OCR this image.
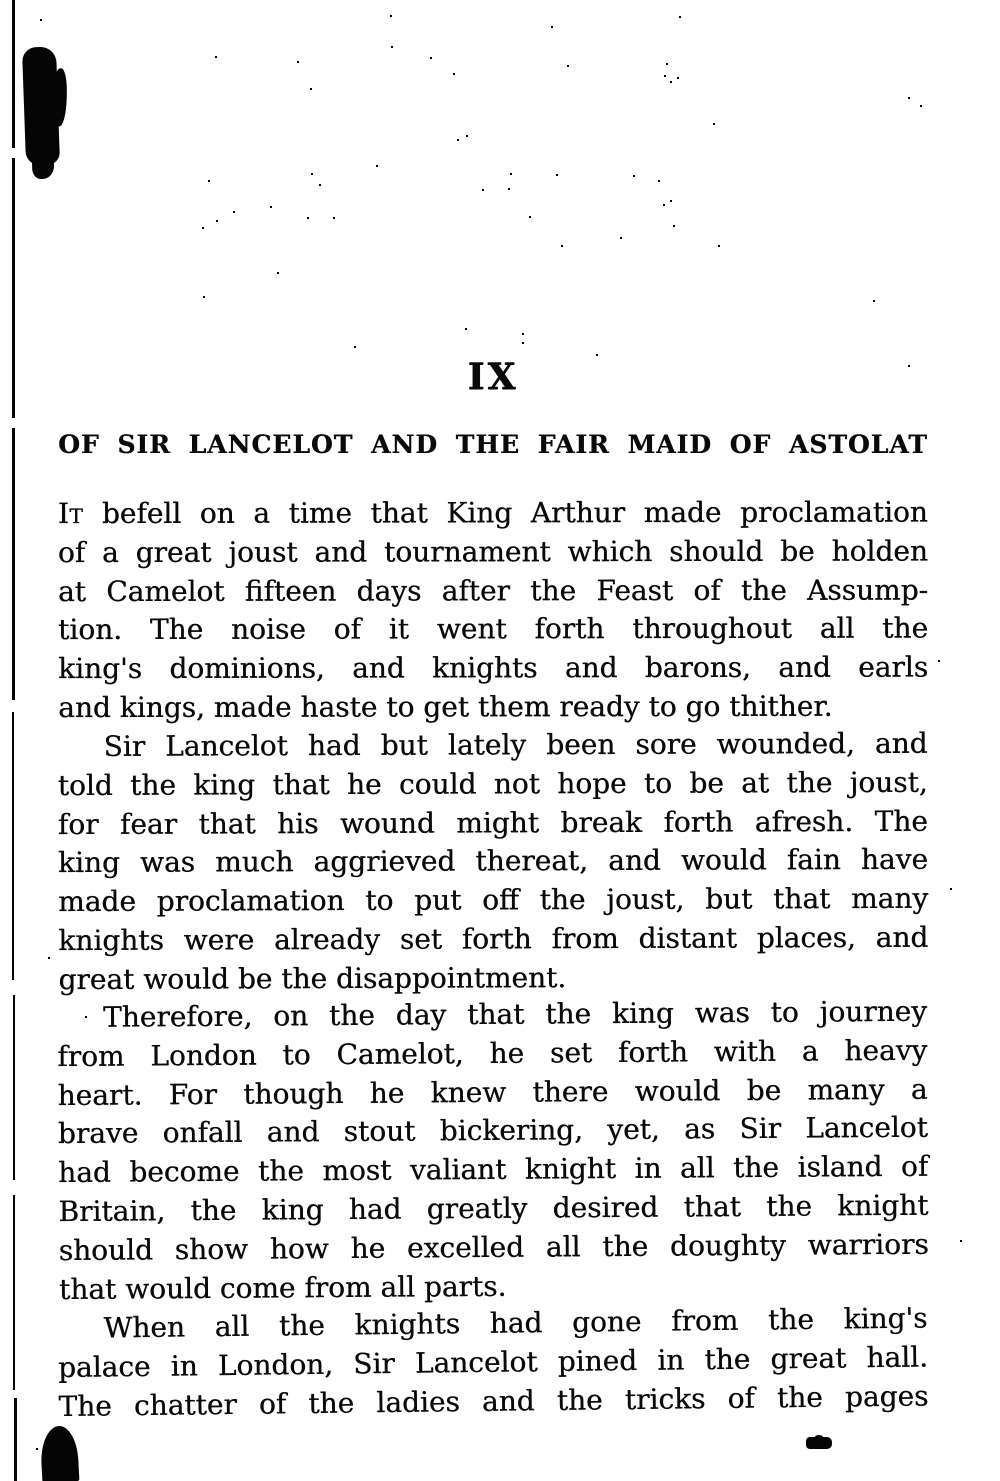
IX
OF SIR LANCELOT AND THE FAIR MAID OF ASTOLAT
It befell on a time that King Arthur made proclamation
of a great joust and tournament which should be holden
at Camelot fifteen days after the Feast of the Assump-
tion. The noise of it went forth throughout all the
king's dominions, and knights and barons, and earls
and kings, made haste to get them ready to go thither.
Sir Lancelot had but lately been sore wounded, and
told the king that he could not hope to be at the joust,
for fear that his wound might break forth afresh. The
king was much aggrieved thereat, and would fain have
made proclamation to put off the joust, but that many
knights were already set forth from distant places, and
great would be the disappointment.
Therefore, on the day that the king was to journey
from London to Camelot, he set forth with a heavy
heart. For though he knew there would be many a
brave onfall and stout bickering, yet, as Sir Lancelot
had become the most valiant knight in all the island of
Britain, the king had greatly desired that the knight
should show how he excelled all the doughty warriors
that would come from all parts.
When all the knights had gone from the king's
palace in London, Sir Lancelot pined in the great hall.
The chatter of the ladies and the tricks of the pages
